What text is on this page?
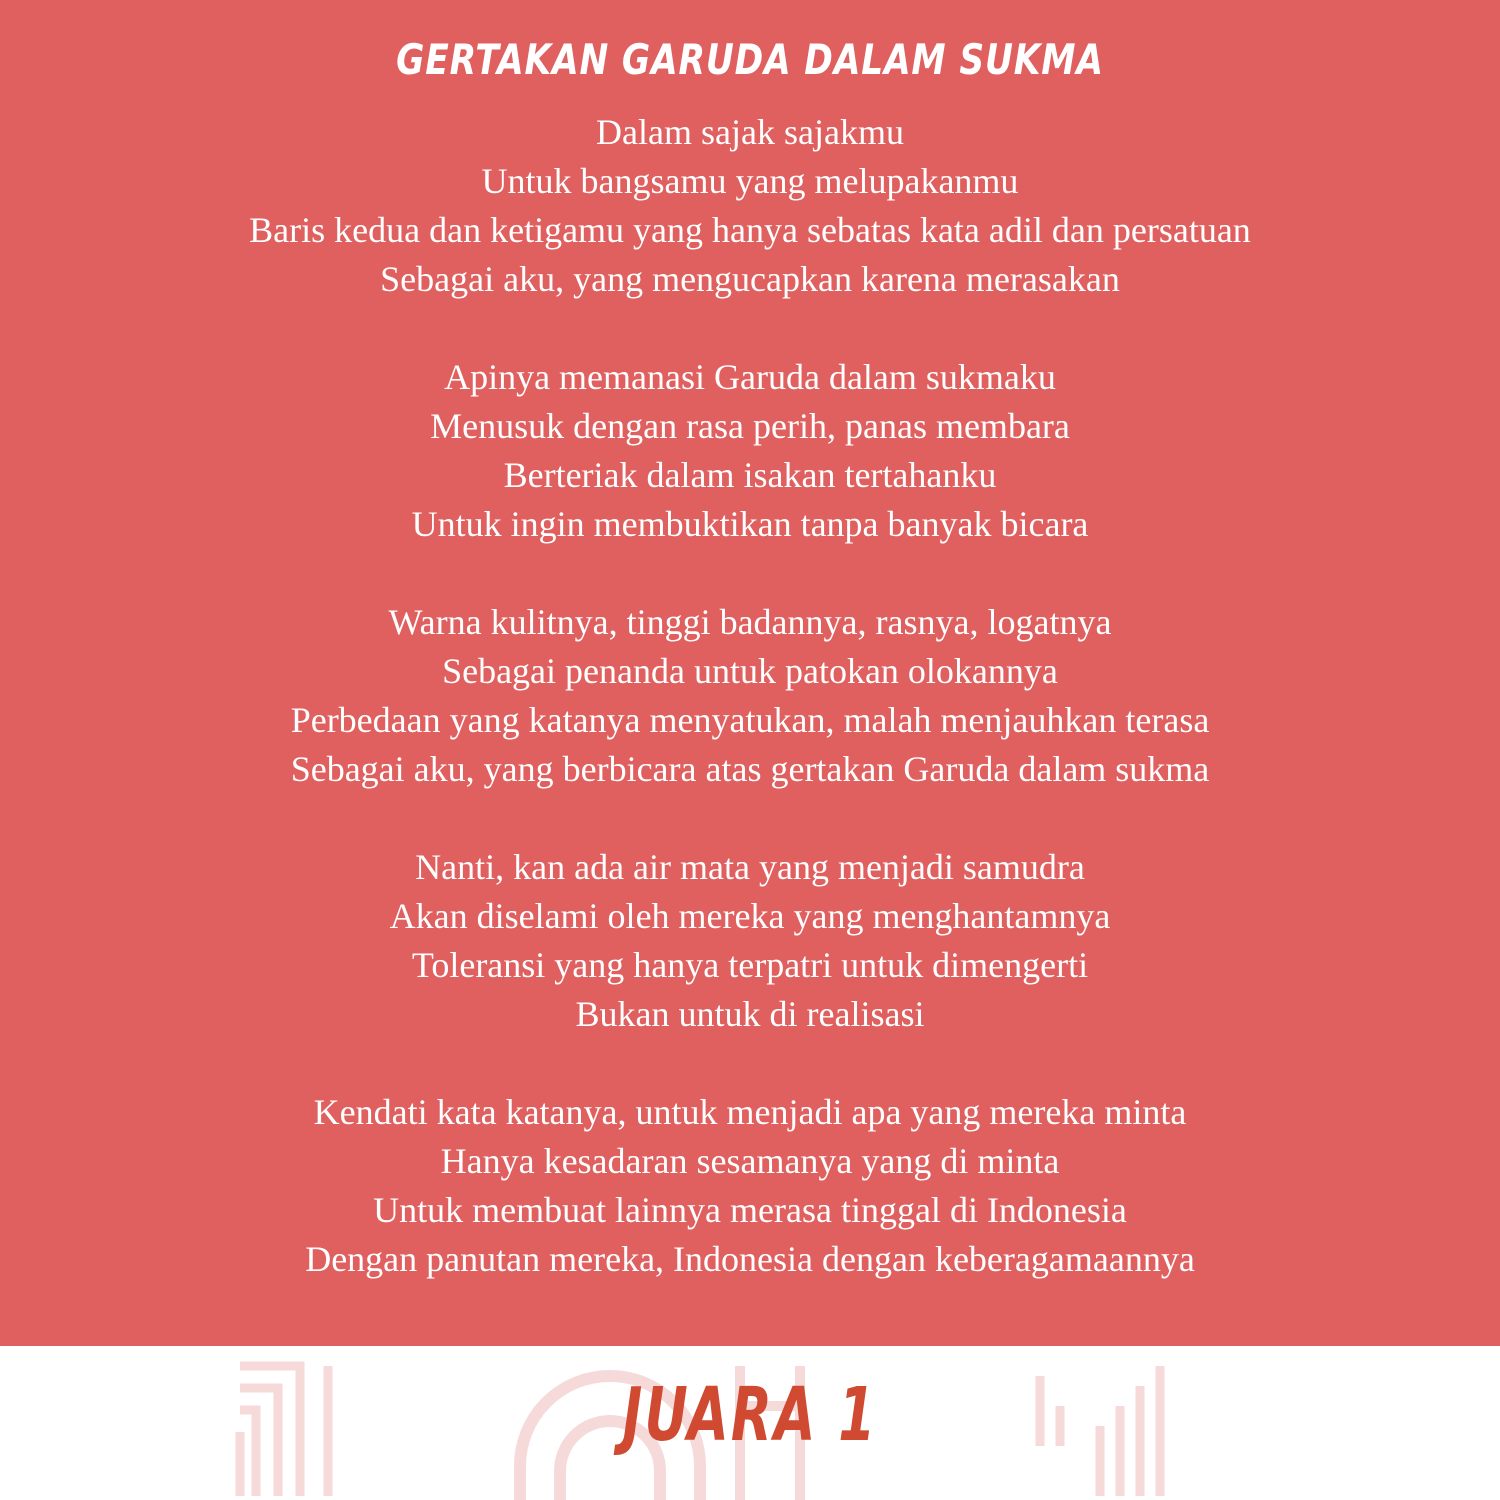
GERTAKAN GARUDA DALAM SUKMA
Dalam sajak sajakmu
Untuk bangsamu yang melupakanmu
Baris kedua dan ketigamu yang hanya sebatas kata adil dan persatuan
Sebagai aku, yang mengucapkan karena merasakan
Apinya memanasi Garuda dalam sukmaku
Menusuk dengan rasa perih, panas membara
Berteriak dalam isakan tertahanku
Untuk ingin membuktikan tanpa banyak bicara
Warna kulitnya, tinggi badannya, rasnya, logatnya
Sebagai penanda untuk patokan olokannya
Perbedaan yang katanya menyatukan, malah menjauhkan terasa
Sebagai aku, yang berbicara atas gertakan Garuda dalam sukma
Nanti, kan ada air mata yang menjadi samudra
Akan diselami oleh mereka yang menghantamnya
Toleransi yang hanya terpatri untuk dimengerti
Bukan untuk di realisasi
Kendati kata katanya, untuk menjadi apa yang mereka minta
Hanya kesadaran sesamanya yang di minta
Untuk membuat lainnya merasa tinggal di Indonesia
Dengan panutan mereka, Indonesia dengan keberagamaannya
JUARA 1
